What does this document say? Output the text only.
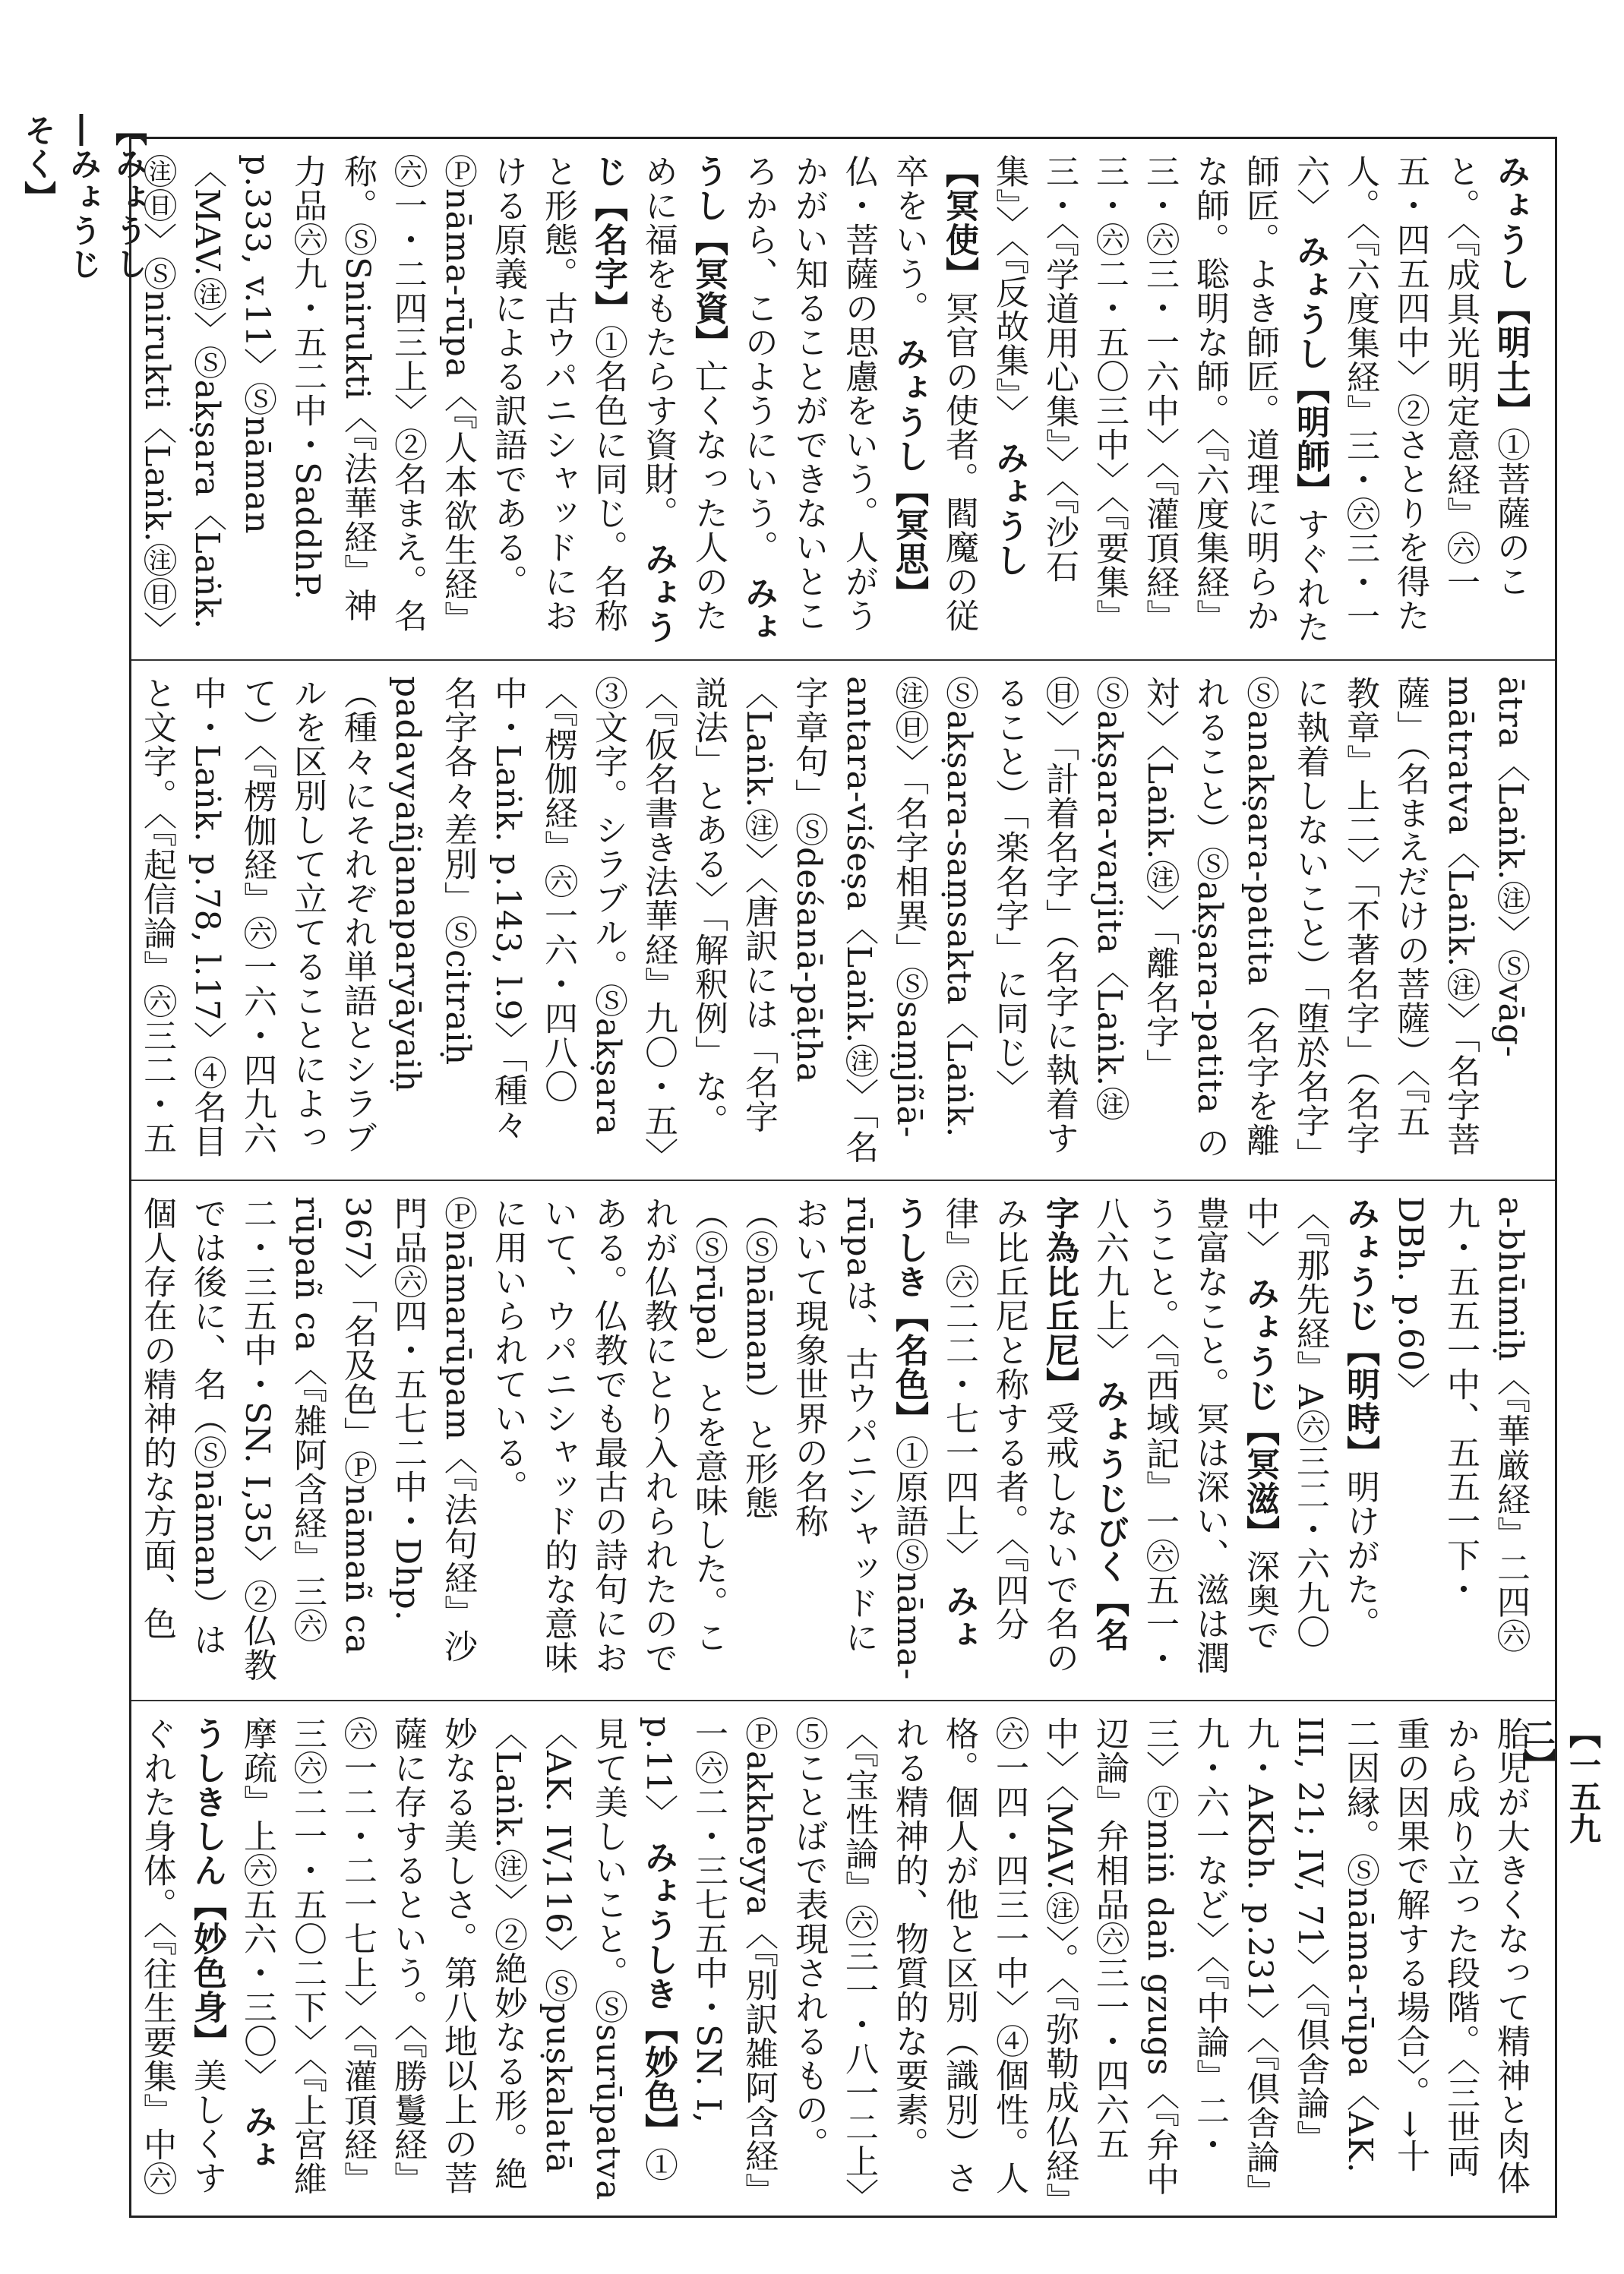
【みょうし―みょうじそく】
【一五九二】
みょうし【明士】①菩薩のこと。〈『成具光明定意経』㊅一五・四五四中〉②さとりを得た人。〈『六度集経』三・㊅三・一六〉 みょうし【明師】すぐれた師匠。よき師匠。道理に明らかな師。聡明な師。〈『六度集経』三・㊅三・一六中〉〈『灌頂経』三・㊅二・五〇三中〉〈『要集』三・〈『学道用心集』〉〈『沙石集』〉〈『反故集』〉 みょうし【冥使】冥官の使者。閻魔の従卒をいう。 みょうし【冥思】仏・菩薩の思慮をいう。人がうかがい知ることができないところから、このようにいう。 みょうし【冥資】亡くなった人のために福をもたらす資財。 みょうじ【名字】①名色に同じ。名称と形態。古ウパニシャッドにおける原義による訳語である。Ⓟnāma-rūpa〈『人本欲生経』㊅一・二四三上〉②名まえ。名称。ⓈSnirukti〈『法華経』神力品㊅九・五二中・SaddhP. p.333, v.11〉Ⓢnāman〈MAV.㊟〉Ⓢakṣara〈Laṅk.㊟㊐〉Ⓢnirukti〈Laṅk.㊟㊐〉
ātra〈Laṅk.㊟〉Ⓢvāg-mātratva〈Laṅk.㊟〉「名字菩薩」（名まえだけの菩薩）〈『五教章』上二〉「不著名字」（名字に執着しないこと）「堕於名字」Ⓢanakṣara-patita（名字を離れること）Ⓢakṣara-patita の対〉〈Laṅk.㊟〉「離名字」Ⓢakṣara-varjita〈Laṅk.㊟㊐〉「計着名字」（名字に執着すること）「楽名字」に同じ〉Ⓢakṣara-saṃsakta〈Laṅk.㊟㊐〉「名字相異」Ⓢsaṃjñā-antara-viśeṣa〈Laṅk.㊟〉「名字章句」Ⓢdeśanā-pāṭha〈Laṅk.㊟〉〈唐訳には「名字説法」とある〉「解釈例」な。〈『仮名書き法華経』九〇・五〉③文字。シラブル。Ⓢakṣara〈『楞伽経』㊅一六・四八〇中・Laṅk. p.143, l.9〉「種々名字各々差別」Ⓢcitraiḥ padavyañjanaparyāyaiḥ（種々にそれぞれ単語とシラブルを区別して立てることによって）〈『楞伽経』㊅一六・四九六中・Laṅk. p.78, l.17〉④名目と文字。〈『起信論』㊅三二・五
a-bhūmiḥ〈『華厳経』二四㊅九・五五一中、五五一下・DBh. p.60〉 みょうじ【明時】明けがた。〈『那先経』A㊅三二・六九〇中〉 みょうじ【冥滋】深奥で豊富なこと。冥は深い、滋は潤うこと。〈『西域記』一㊅五一・八六九上〉 みょうじびく【名字為比丘尼】受戒しないで名のみ比丘尼と称する者。〈『四分律』㊅二二・七一四上〉 みょうしき【名色】①原語Ⓢnāma-rūpaは、古ウパニシャッドにおいて現象世界の名称（Ⓢnāman）と形態（Ⓢrūpa）とを意味した。これが仏教にとり入れられたのである。仏教でも最古の詩句において、ウパニシャッド的な意味に用いられている。Ⓟnāmarūpam〈『法句経』沙門品㊅四・五七二中・Dhp. 367〉「名及色」Ⓟnāmañ ca rūpañ ca〈『雑阿含経』三㊅二・三五中・SN. I,35〉②仏教では後に、名（Ⓢnāman）は個人存在の精神的な方面、色
胎児が大きくなって精神と肉体から成り立った段階。〈三世両重の因果で解する場合〉。→十二因縁。Ⓢnāma-rūpa〈AK. III, 21; IV, 71〉〈『倶舎論』九・AKbh. p.231〉〈『倶舎論』九・六一など〉〈『中論』二・三〉Ⓣmiṅ daṅ gzugs〈『弁中辺論』弁相品㊅三一・四六五中〉〈MAV.㊟〉。〈『弥勒成仏経』㊅一四・四三一中〉④個性。人格。個人が他と区別（識別）される精神的、物質的な要素。〈『宝性論』㊅三一・八一二上〉⑤ことばで表現されるもの。Ⓟakkheyya〈『別訳雑阿含経』一㊅二・三七五中・SN. I, p.11〉 みょうしき【妙色】①見て美しいこと。Ⓢsurūpatva〈AK. IV,116〉Ⓢpuṣkalatā〈Laṅk.㊟〉②絶妙なる形。絶妙なる美しさ。第八地以上の菩薩に存するという。〈『勝鬘経』㊅一二・二一七上〉〈『灌頂経』三㊅二一・五〇二下〉〈『上宮維摩疏』上㊅五六・三〇〉 みょうしきしん【妙色身】美しくすぐれた身体。〈『往生要集』中㊅
